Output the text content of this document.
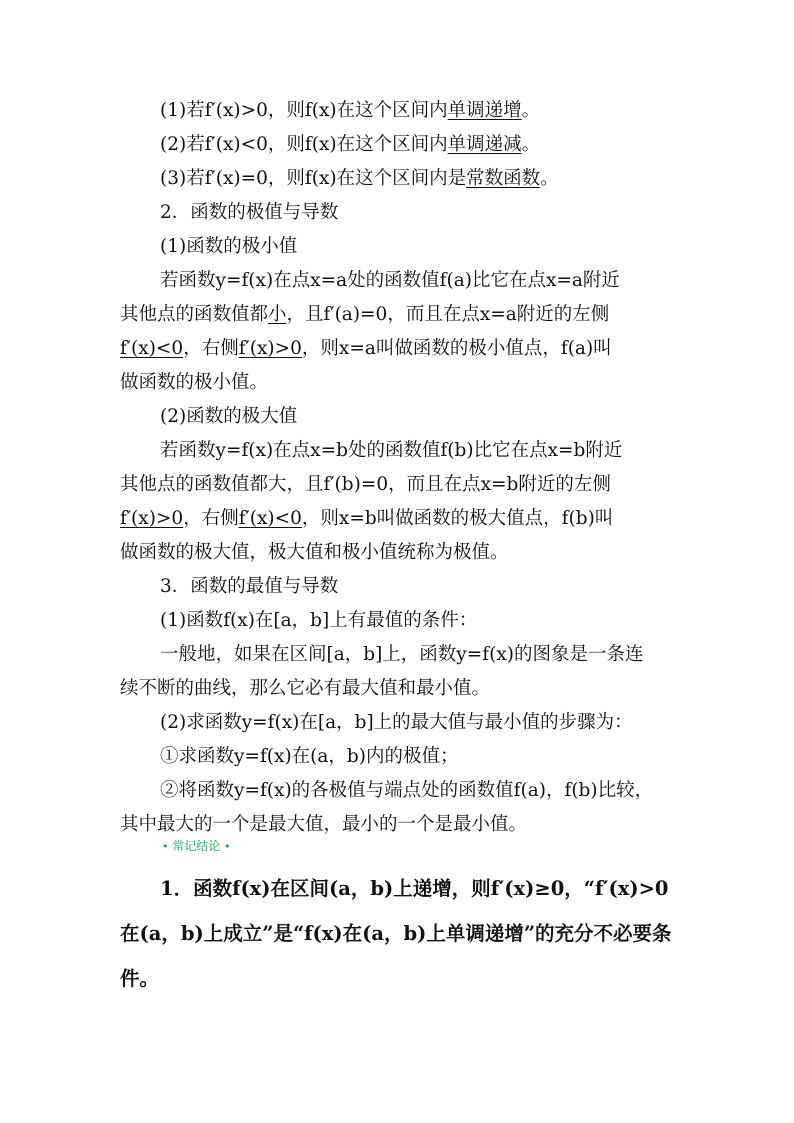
(1)若f′(x)>0，则f(x)在这个区间内单调递增。
(2)若f′(x)<0，则f(x)在这个区间内单调递减。
(3)若f′(x)=0，则f(x)在这个区间内是常数函数。
2．函数的极值与导数
(1)函数的极小值
若函数y=f(x)在点x=a处的函数值f(a)比它在点x=a附近
其他点的函数值都小，且f′(a)=0，而且在点x=a附近的左侧
f′(x)<0，右侧f′(x)>0，则x=a叫做函数的极小值点，f(a)叫
做函数的极小值。
(2)函数的极大值
若函数y=f(x)在点x=b处的函数值f(b)比它在点x=b附近
其他点的函数值都大，且f′(b)=0，而且在点x=b附近的左侧
f′(x)>0，右侧f′(x)<0，则x=b叫做函数的极大值点，f(b)叫
做函数的极大值，极大值和极小值统称为极值。
3．函数的最值与导数
(1)函数f(x)在[a，b]上有最值的条件：
一般地，如果在区间[a，b]上，函数y=f(x)的图象是一条连
续不断的曲线，那么它必有最大值和最小值。
(2)求函数y=f(x)在[a，b]上的最大值与最小值的步骤为：
①求函数y=f(x)在(a，b)内的极值；
②将函数y=f(x)的各极值与端点处的函数值f(a)，f(b)比较，
其中最大的一个是最大值，最小的一个是最小值。
• 常记结论 •
1．函数f(x)在区间(a，b)上递增，则f′(x)≥0，“f′(x)>0
在(a，b)上成立”是“f(x)在(a，b)上单调递增”的充分不必要条
件。
